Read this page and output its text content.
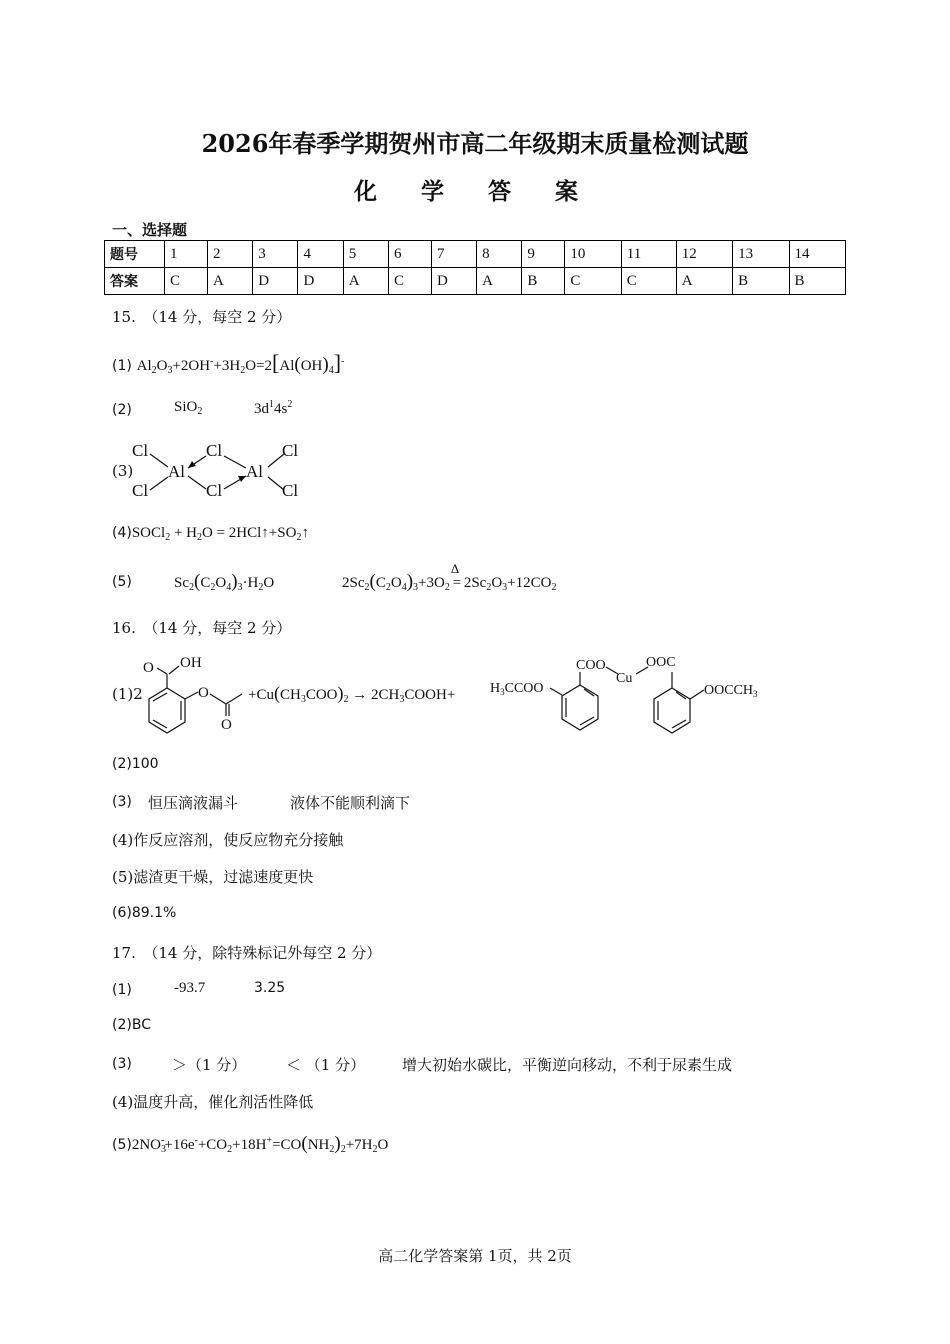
2026年春季学期贺州市高二年级期末质量检测试题
化 学 答 案
一、选择题
题号	1	2	3	4	5	6	7	8	9	10	11	12	13	14
答案	C	A	D	D	A	C	D	A	B	C	C	A	B	B
15.　（14 分，每空 2 分）
(1) $Al_2O_3+2OH^-+3H_2O=2[Al(OH)_4]^-$
(2)	SiO$_2$	$3d^14s^2$
(3)
Cl
Cl
Cl
Cl
Cl
Cl
Al	Al
(4)SOCl$_2$ + $H_2O$ = $2HCl↑+SO_2↑$
(5)	$Sc_2(C_2O_4)_3\cdot H_2O$	$2Sc_2(C_2O_4)_3+3O_2$
Δ
= $2Sc_2O_3+12CO_2$
16.　（14 分，每空 2 分）
(1)2
O OH
O
O
$+Cu(CH_3COO)_2$ → $2CH_3COOH+$ $H_3CCOO$
COO
Cu
OOC
$OOCCH_3$
(2)100
(3) 恒压滴液漏斗	液体不能顺利滴下
(4)作反应溶剂，使反应物充分接触
(5)滤渣更干燥，过滤速度更快
(6)89.1%
17.　（14 分，除特殊标记外每空 2 分）
(1)	-93.7	3.25
(2)BC
(3)	＞（1 分）	＜ （1 分） 增大初始水碳比，平衡逆向移动，不利于尿素生成
(4)温度升高，催化剂活性降低
$(5)2NO_3^-+16e^-+CO_2+18H^+=CO(NH_2)_2+7H_2O$
高二化学答案第 1页，共 2页
